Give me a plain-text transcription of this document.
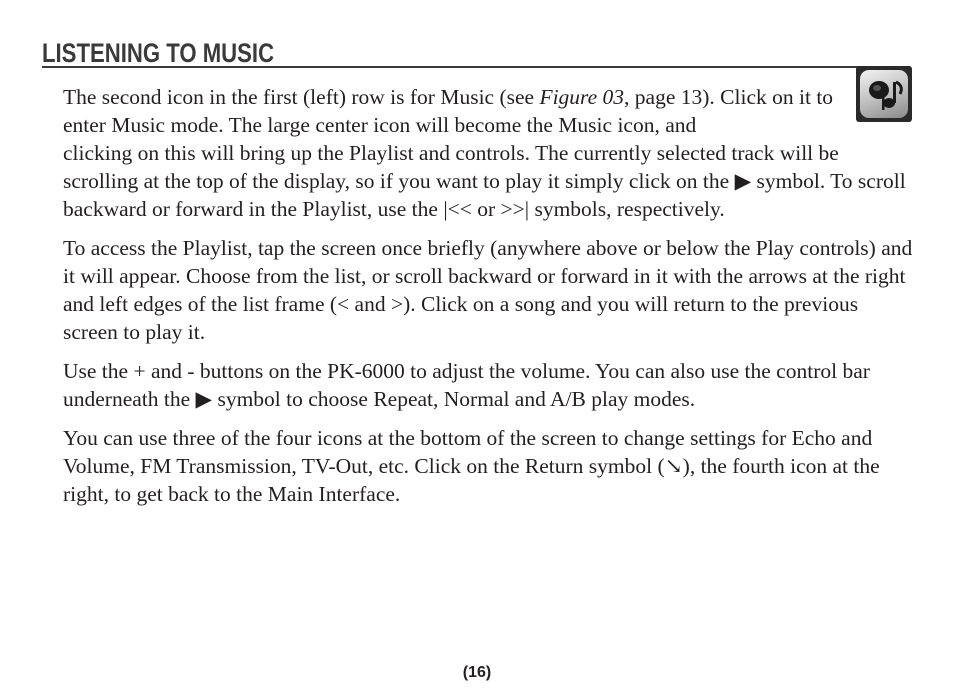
LISTENING TO MUSIC

The second icon in the first (left) row is for Music (see Figure 03, page 13). Click on it to enter Music mode. The large center icon will become the Music icon, and
clicking on this will bring up the Playlist and controls. The currently selected track will be scrolling at the top of the display, so if you want to play it simply click on the ▶ symbol. To scroll backward or forward in the Playlist, use the |<< or >>| symbols, respectively.

To access the Playlist, tap the screen once briefly (anywhere above or below the Play controls) and it will appear. Choose from the list, or scroll backward or forward in it with the arrows at the right and left edges of the list frame (< and >). Click on a song and you will return to the previous screen to play it.

Use the + and - buttons on the PK-6000 to adjust the volume. You can also use the control bar underneath the ▶ symbol to choose Repeat, Normal and A/B play modes.

You can use three of the four icons at the bottom of the screen to change settings for Echo and Volume, FM Transmission, TV-Out, etc. Click on the Return symbol (↘), the fourth icon at the right, to get back to the Main Interface.

(16)
